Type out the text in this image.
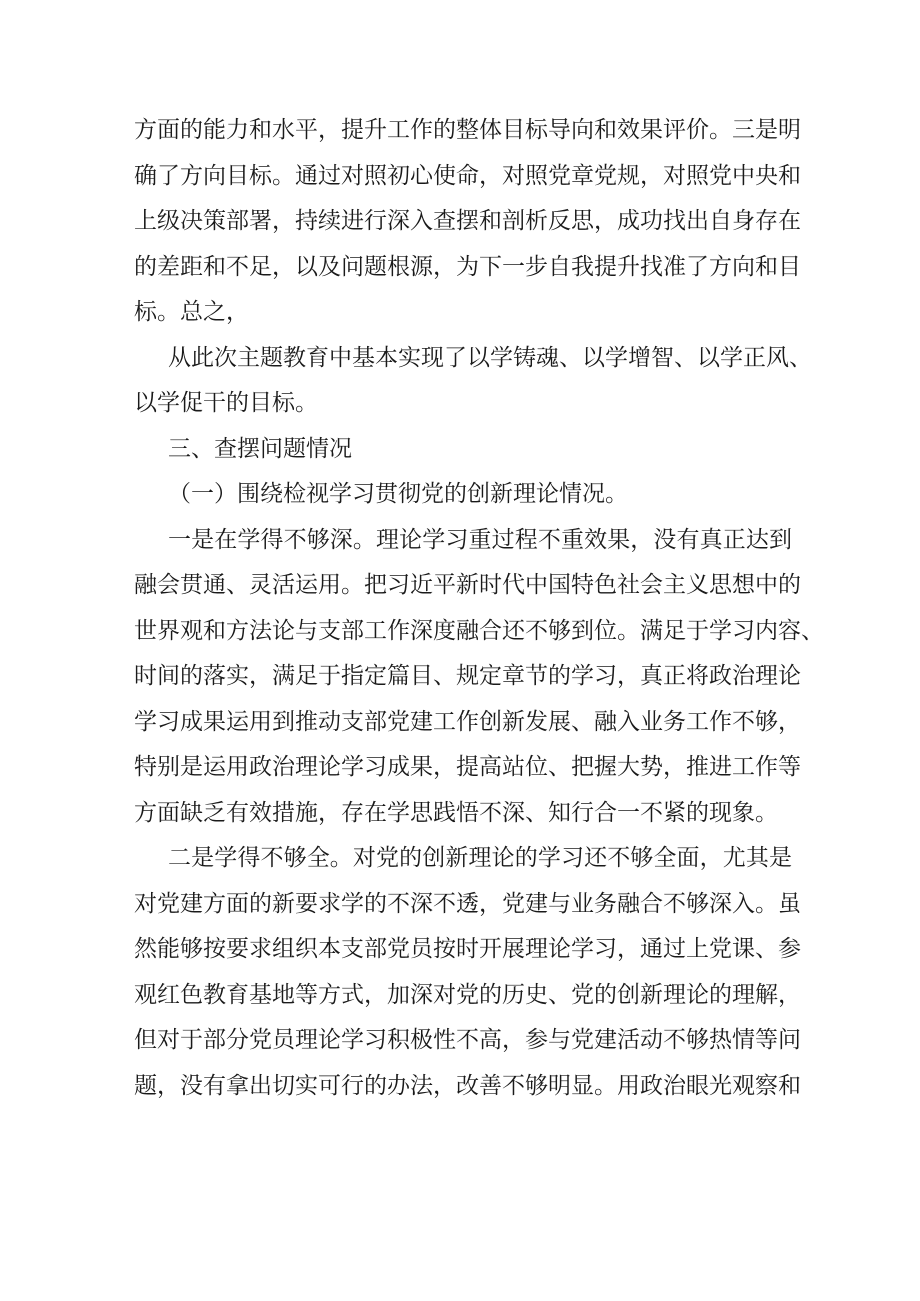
方面的能力和水平，提升工作的整体目标导向和效果评价。三是明
确了方向目标。通过对照初心使命，对照党章党规，对照党中央和
上级决策部署，持续进行深入查摆和剖析反思，成功找出自身存在
的差距和不足，以及问题根源，为下一步自我提升找准了方向和目
标。总之，
从此次主题教育中基本实现了以学铸魂、以学增智、以学正风、
以学促干的目标。
三、查摆问题情况
（一）围绕检视学习贯彻党的创新理论情况。
一是在学得不够深。理论学习重过程不重效果，没有真正达到
融会贯通、灵活运用。把习近平新时代中国特色社会主义思想中的
世界观和方法论与支部工作深度融合还不够到位。满足于学习内容、
时间的落实，满足于指定篇目、规定章节的学习，真正将政治理论
学习成果运用到推动支部党建工作创新发展、融入业务工作不够，
特别是运用政治理论学习成果，提高站位、把握大势，推进工作等
方面缺乏有效措施，存在学思践悟不深、知行合一不紧的现象。
二是学得不够全。对党的创新理论的学习还不够全面，尤其是
对党建方面的新要求学的不深不透，党建与业务融合不够深入。虽
然能够按要求组织本支部党员按时开展理论学习，通过上党课、参
观红色教育基地等方式，加深对党的历史、党的创新理论的理解，
但对于部分党员理论学习积极性不高，参与党建活动不够热情等问
题，没有拿出切实可行的办法，改善不够明显。用政治眼光观察和
